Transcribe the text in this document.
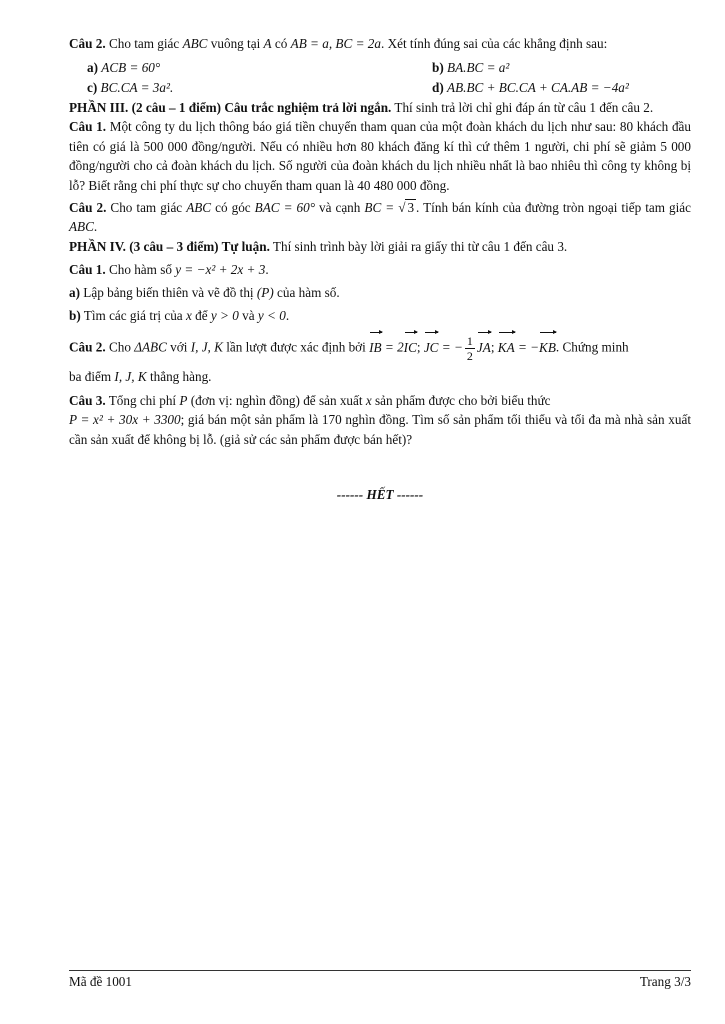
Câu 2. Cho tam giác ABC vuông tại A có AB = a, BC = 2a. Xét tính đúng sai của các khẳng định sau:
a) ACB = 60°	b) BA.BC = a²
c) BC.CA = 3a².	d) AB.BC + BC.CA + CA.AB = −4a²
PHẦN III. (2 câu – 1 điểm) Câu trắc nghiệm trả lời ngắn. Thí sinh trả lời chỉ ghi đáp án từ câu 1 đến câu 2.
Câu 1. Một công ty du lịch thông báo giá tiền chuyến tham quan của một đoàn khách du lịch như sau: 80 khách đầu tiên có giá là 500 000 đồng/người. Nếu có nhiều hơn 80 khách đăng kí thì cứ thêm 1 người, chi phí sẽ giảm 5 000 đồng/người cho cả đoàn khách du lịch. Số người của đoàn khách du lịch nhiều nhất là bao nhiêu thì công ty không bị lỗ? Biết rằng chi phí thực sự cho chuyến tham quan là 40 480 000 đồng.
Câu 2. Cho tam giác ABC có góc BAC = 60° và cạnh BC = √ 3 . Tính bán kính của đường tròn ngoại tiếp tam giác ABC.
PHẦN IV. (3 câu – 3 điểm) Tự luận. Thí sinh trình bày lời giải ra giấy thi từ câu 1 đến câu 3.
Câu 1. Cho hàm số y = −x² + 2x + 3.
a) Lập bảng biến thiên và vẽ đồ thị (P) của hàm số.
b) Tìm các giá trị của x để y > 0 và y < 0.
Câu 2. Cho ΔABC với I, J, K lần lượt được xác định bởi IB = 2IC; JC = − $\frac{1}{2}$ JA; KA = −KB. Chứng minh
ba điểm I, J, K thẳng hàng.
Câu 3. Tổng chi phí P (đơn vị: nghìn đồng) để sản xuất x sản phẩm được cho bởi biểu thức
P = x² + 30x + 3300; giá bán một sản phẩm là 170 nghìn đồng. Tìm số sản phẩm tối thiểu và tối đa mà nhà sản xuất cần sản xuất để không bị lỗ. (giả sử các sản phẩm được bán hết)?
------ HẾT ------
Mã đề 1001	Trang 3/3
